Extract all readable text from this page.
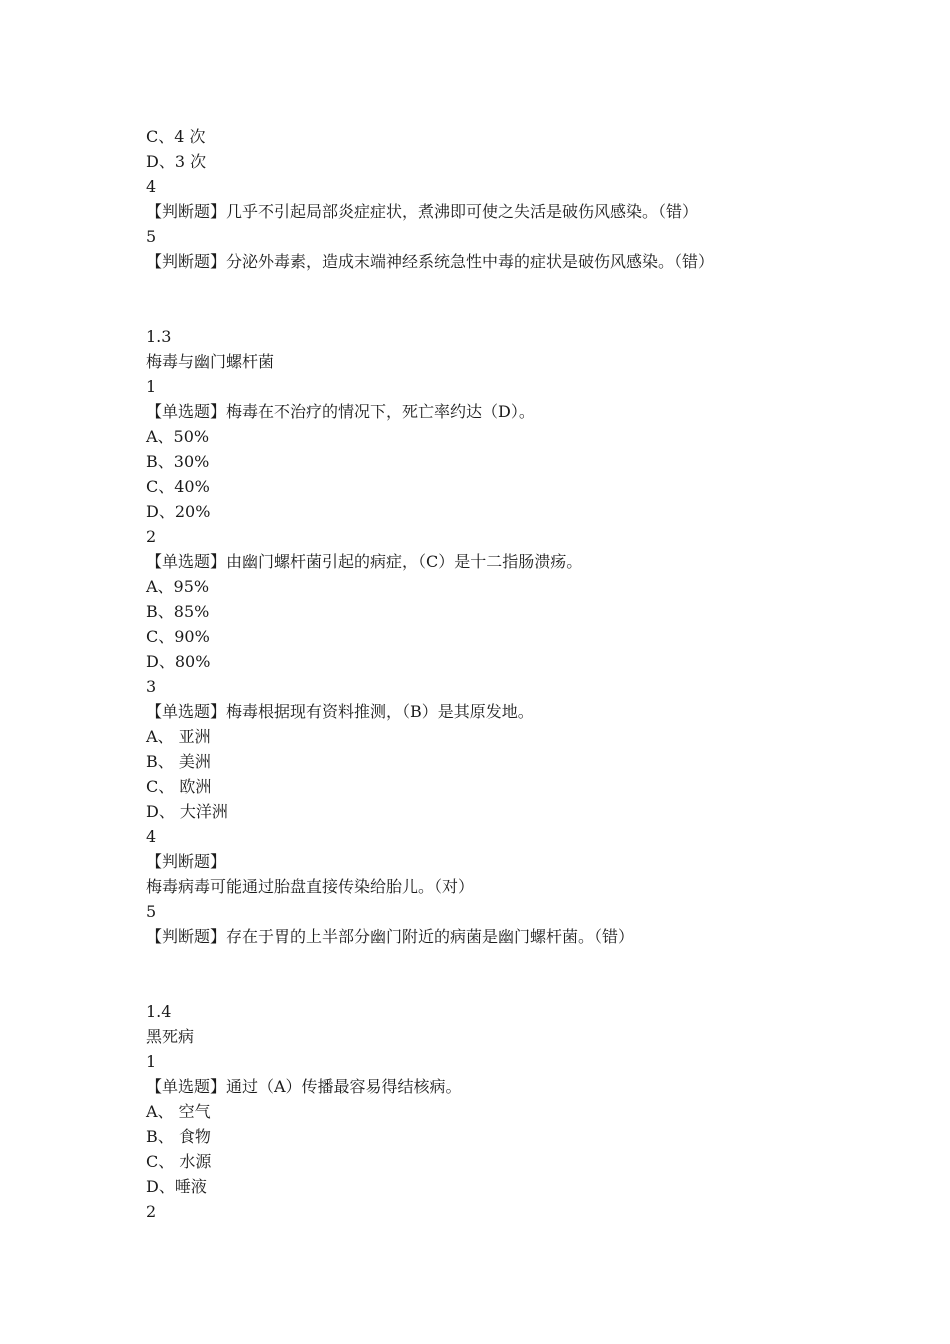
C、4 次
D、3 次
4
【判断题】几乎不引起局部炎症症状，煮沸即可使之失活是破伤风感染。（错）
5
【判断题】分泌外毒素，造成末端神经系统急性中毒的症状是破伤风感染。（错）
1.3
梅毒与幽门螺杆菌
1
【单选题】梅毒在不治疗的情况下，死亡率约达（D）。
A、50%
B、30%
C、40%
D、20%
2
【单选题】由幽门螺杆菌引起的病症，（C）是十二指肠溃疡。
A、95%
B、85%
C、90%
D、80%
3
【单选题】梅毒根据现有资料推测，（B）是其原发地。
A、 亚洲
B、 美洲
C、 欧洲
D、 大洋洲
4
【判断题】
梅毒病毒可能通过胎盘直接传染给胎儿。（对）
5
【判断题】存在于胃的上半部分幽门附近的病菌是幽门螺杆菌。（错）
1.4
黑死病
1
【单选题】通过（A）传播最容易得结核病。
A、 空气
B、 食物
C、 水源
D、唾液
2
